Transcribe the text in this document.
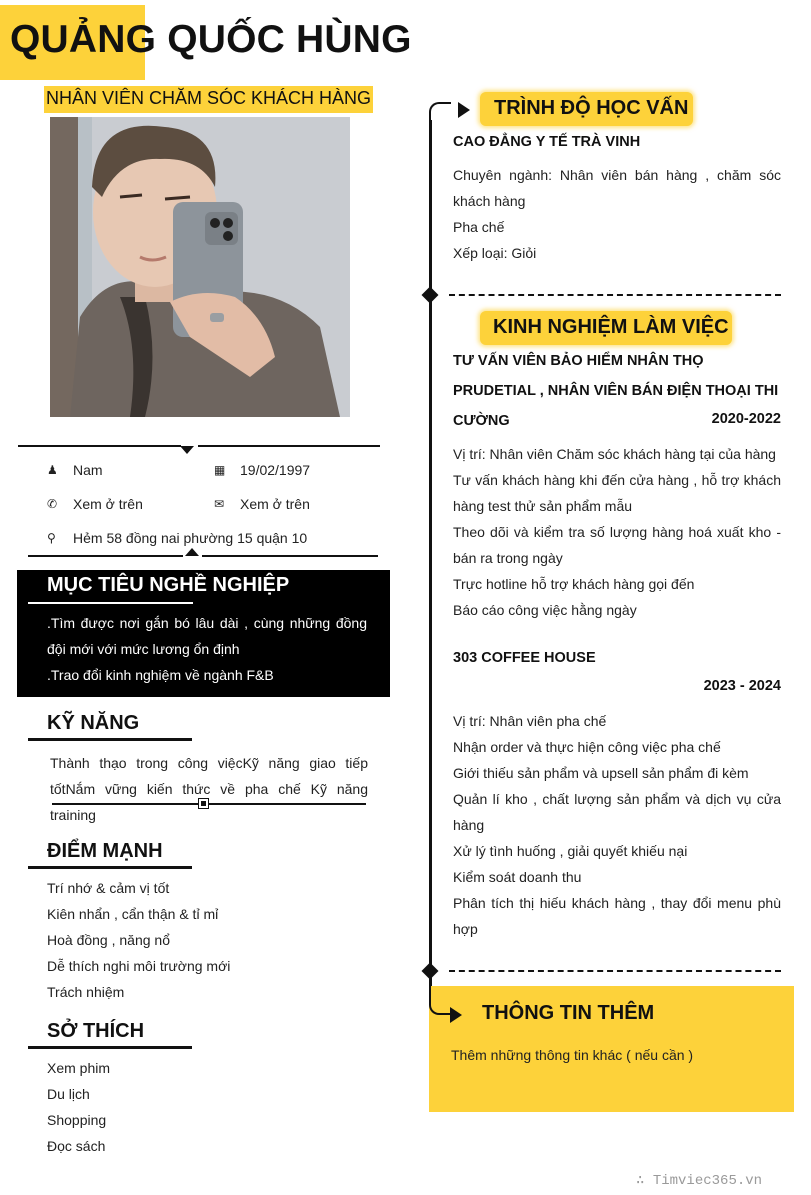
QUẢNG QUỐC HÙNG
NHÂN VIÊN CHĂM SÓC KHÁCH HÀNG
♟	Nam	▦	19/02/1997
✆	Xem ở trên	✉	Xem ở trên
⚲	Hẻm 58 đồng nai phường 15 quận 10
MỤC TIÊU NGHỀ NGHIỆP
.Tìm được nơi gắn bó lâu dài , cùng những đồng đội mới với mức lương ổn định
.Trao đổi kinh nghiệm về ngành F&B
KỸ NĂNG
Thành thạo trong công việcKỹ năng giao tiếp tốtNắm vững kiến thức về pha chế Kỹ năng training
ĐIỂM MẠNH
Trí nhớ & cảm vị tốt
Kiên nhẩn , cẩn thận & tỉ mỉ
Hoà đồng , năng nổ
Dễ thích nghi môi trường mới
Trách nhiệm
SỞ THÍCH
Xem phim
Du lịch
Shopping
Đọc sách
TRÌNH ĐỘ HỌC VẤN
CAO ĐẲNG Y TẾ TRÀ VINH
Chuyên ngành: Nhân viên bán hàng , chăm sóc khách hàng
Pha chế
Xếp loại: Giỏi
KINH NGHIỆM LÀM VIỆC
TƯ VẤN VIÊN BẢO HIỂM NHÂN THỌ PRUDETIAL , NHÂN VIÊN BÁN ĐIỆN THOẠI THI CƯỜNG	2020-2022
Vị trí: Nhân viên Chăm sóc khách hàng tại của hàng
Tư vấn khách hàng khi đến cửa hàng , hỗ trợ khách hàng test thử sản phẩm mẫu
Theo dõi và kiểm tra số lượng hàng hoá xuất kho - bán ra trong ngày
Trực hotline hỗ trợ khách hàng gọi đến
Báo cáo công việc hằng ngày
303 COFFEE HOUSE
2023 - 2024
Vị trí: Nhân viên pha chế
Nhận order và thực hiện công việc pha chế
Giới thiếu sản phẩm và upsell sản phẩm đi kèm
Quản lí kho , chất lượng sản phẩm và dịch vụ cửa hàng
Xử lý tình huống , giải quyết khiếu nại
Kiểm soát doanh thu
Phân tích thị hiếu khách hàng , thay đổi menu phù hợp
THÔNG TIN THÊM
Thêm những thông tin khác ( nếu cần )
∴ Timviec365.vn
